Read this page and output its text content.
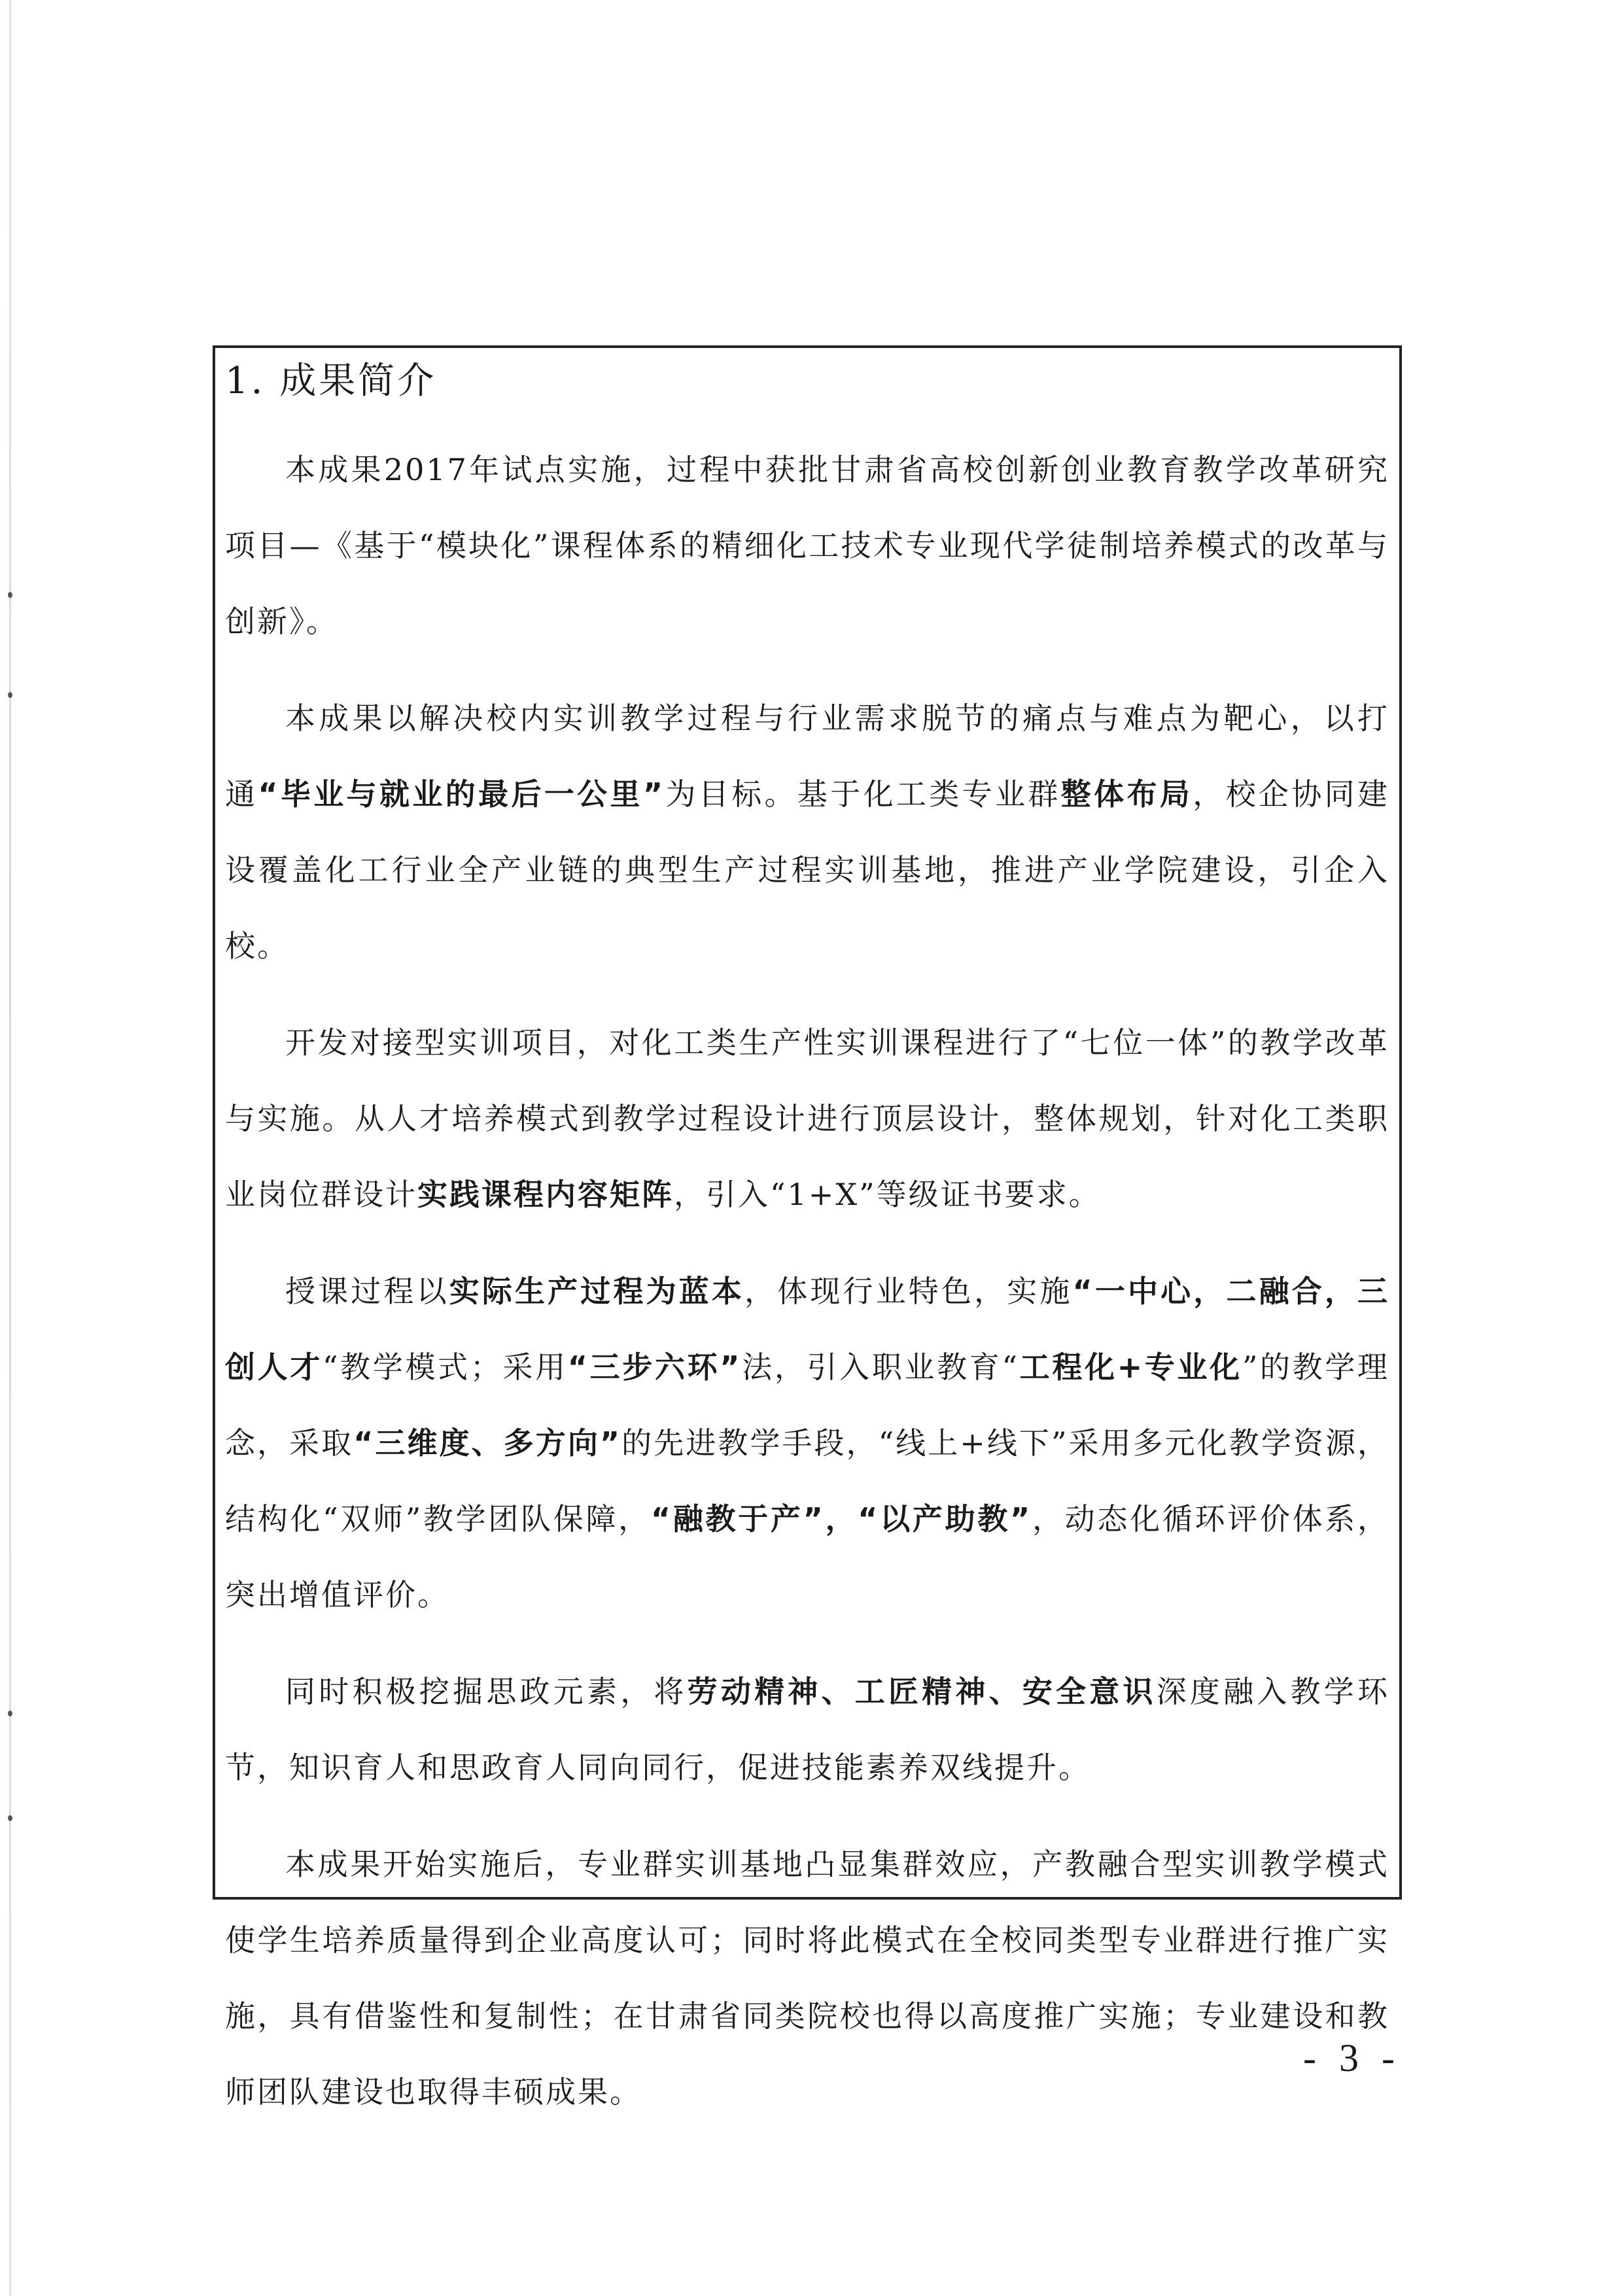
1. 成果简介

本成果2017年试点实施，过程中获批甘肃省高校创新创业教育教学改革研究项目—《基于“模块化”课程体系的精细化工技术专业现代学徒制培养模式的改革与创新》。

本成果以解决校内实训教学过程与行业需求脱节的痛点与难点为靶心，以打通“毕业与就业的最后一公里”为目标。基于化工类专业群整体布局，校企协同建设覆盖化工行业全产业链的典型生产过程实训基地，推进产业学院建设，引企入校。

开发对接型实训项目，对化工类生产性实训课程进行了“七位一体”的教学改革与实施。从人才培养模式到教学过程设计进行顶层设计，整体规划，针对化工类职业岗位群设计实践课程内容矩阵，引入“1+X”等级证书要求。

授课过程以实际生产过程为蓝本，体现行业特色，实施“一中心，二融合，三创人才“教学模式；采用“三步六环”法，引入职业教育“工程化+专业化”的教学理念，采取“三维度、多方向”的先进教学手段，“线上+线下”采用多元化教学资源，结构化“双师”教学团队保障，“融教于产”，“以产助教”，动态化循环评价体系，突出增值评价。

同时积极挖掘思政元素，将劳动精神、工匠精神、安全意识深度融入教学环节，知识育人和思政育人同向同行，促进技能素养双线提升。

本成果开始实施后，专业群实训基地凸显集群效应，产教融合型实训教学模式使学生培养质量得到企业高度认可；同时将此模式在全校同类型专业群进行推广实施，具有借鉴性和复制性；在甘肃省同类院校也得以高度推广实施；专业建设和教师团队建设也取得丰硕成果。

- 3 -
